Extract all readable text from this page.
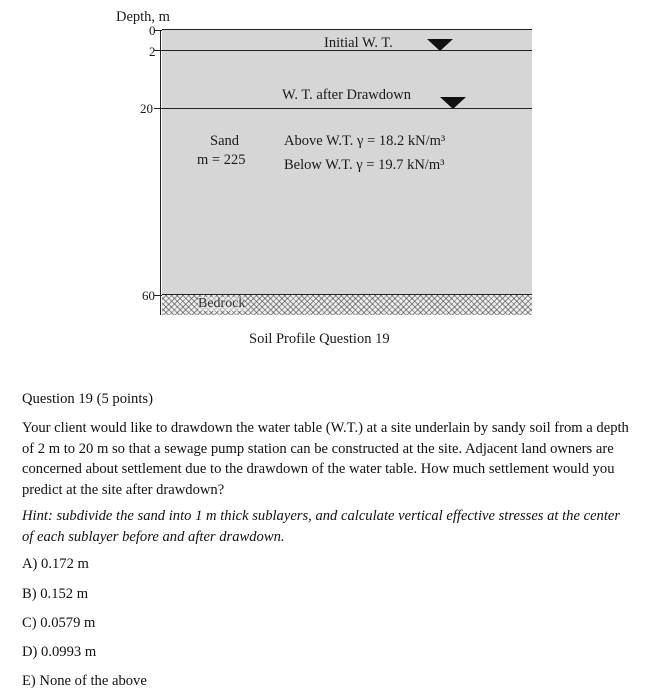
Depth, m
0
2
20
60
Initial W. T.
W. T. after Drawdown
Sand
m = 225
Above W.T. γ = 18.2 kN/m³
Below W.T. γ = 19.7 kN/m³
Bedrock
Soil Profile Question 19
Question 19 (5 points)
Your client would like to drawdown the water table (W.T.) at a site underlain by sandy soil from a depth of 2 m to 20 m so that a sewage pump station can be constructed at the site. Adjacent land owners are concerned about settlement due to the drawdown of the water table. How much settlement would you predict at the site after drawdown?
Hint: subdivide the sand into 1 m thick sublayers, and calculate vertical effective stresses at the center of each sublayer before and after drawdown.
A) 0.172 m
B) 0.152 m
C) 0.0579 m
D) 0.0993 m
E) None of the above
